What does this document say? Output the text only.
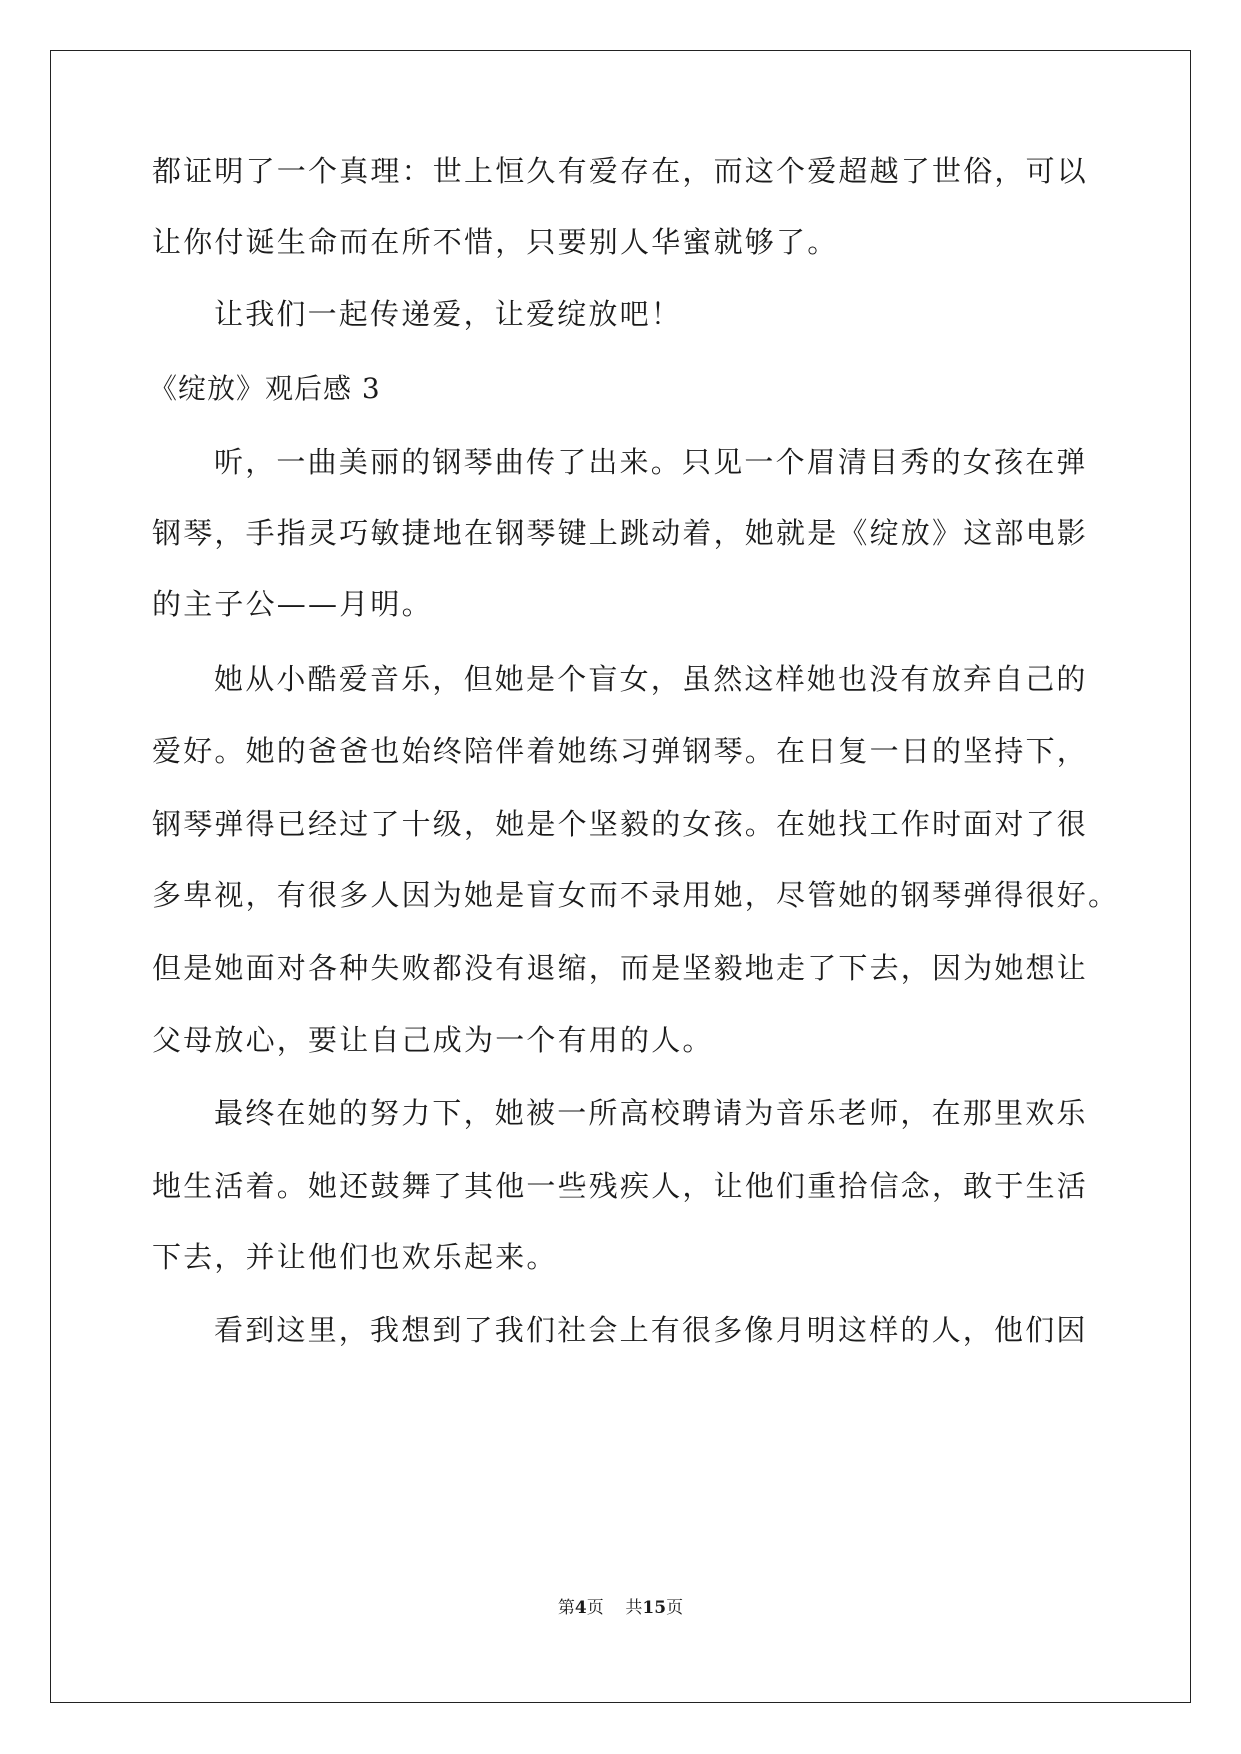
都证明了一个真理：世上恒久有爱存在，而这个爱超越了世俗，可以
让你付诞生命而在所不惜，只要别人华蜜就够了。
让我们一起传递爱，让爱绽放吧！
《绽放》观后感 3
听，一曲美丽的钢琴曲传了出来。只见一个眉清目秀的女孩在弹
钢琴，手指灵巧敏捷地在钢琴键上跳动着，她就是《绽放》这部电影
的主子公——月明。
她从小酷爱音乐，但她是个盲女，虽然这样她也没有放弃自己的
爱好。她的爸爸也始终陪伴着她练习弹钢琴。在日复一日的坚持下，
钢琴弹得已经过了十级，她是个坚毅的女孩。在她找工作时面对了很
多卑视，有很多人因为她是盲女而不录用她，尽管她的钢琴弹得很好。
但是她面对各种失败都没有退缩，而是坚毅地走了下去，因为她想让
父母放心，要让自己成为一个有用的人。
最终在她的努力下，她被一所高校聘请为音乐老师，在那里欢乐
地生活着。她还鼓舞了其他一些残疾人，让他们重拾信念，敢于生活
下去，并让他们也欢乐起来。
看到这里，我想到了我们社会上有很多像月明这样的人，他们因
第4页 共15页
